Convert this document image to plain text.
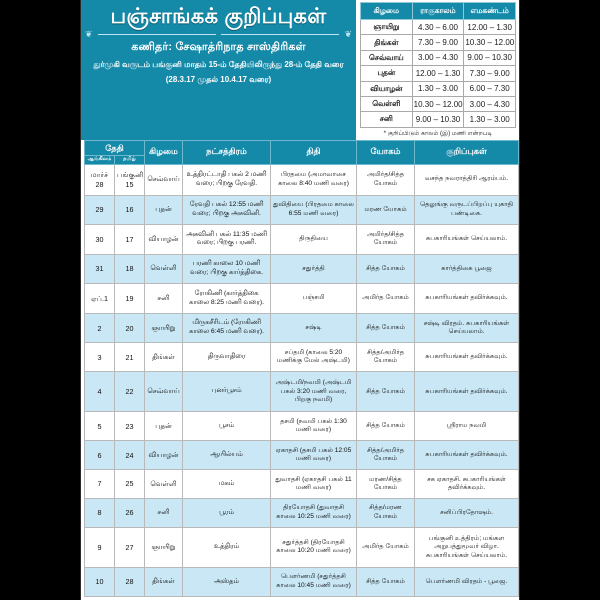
பஞ்சாங்கக் குறிப்புகள்
❦	❦
கணிதர்: சேஷாத்ரிநாத சாஸ்திரிகள்
துர்முகி வருடம் பங்குனி மாதம் 15-ம் தேதியிலிருந்து 28-ம் தேதி வரை
(28.3.17 முதல் 10.4.17 வரை)
கிழமை	ராகுகாலம்	எமகண்டம்
ஞாயிறு	4.30 – 6.00	12.00 – 1.30
திங்கள்	7.30 – 9.00	10.30 – 12.00
செவ்வாய்	3.00 – 4.30	9.00 – 10.30
புதன்	12.00 – 1.30	7.30 – 9.00
வியாழன்	1.30 – 3.00	6.00 – 7.30
வெள்ளி	10.30 – 12.00	3.00 – 4.30
சனி	9.00 – 10.30	1.30 – 3.00
* குறிப்பிடும் காலம் (இ) மணி என்றபடி
தேதி		கிழமை	நட்சத்திரம்	திதி	யோகம்	குறிப்புகள்
ஆங்கிலம்	தமிழ்					
மார்ச் 28	பங்குனி 15	செவ்வாய்	உத்திரட்டாதி பகல் 2 மணி வரை; பிறகு ரேவதி.	பிரதமை (அமாவாசை காலை 8:40 மணி வரை)	அமிர்த/சித்த யோகம்	வசந்த நவராத்திரி ஆரம்பம்.
29	16	புதன்	ரேவதி பகல் 12:55 மணி வரை; பிறகு அசுவினி.	துவிதியை (பிரதமை காலை 6:55 மணி வரை)	மரண யோகம்	தெலுங்கு வருடப்பிறப்பு யுகாதி பண்டிகை.
30	17	வியாழன்	அசுவினி பகல் 11:35 மணி வரை; பிறகு பரணி.	திருதியை	அமிர்த/சித்த யோகம்	சுபகாரியங்கள் செய்யலாம்.
31	18	வெள்ளி	பரணி காலை 10 மணி வரை; பிறகு கார்த்திகை.	சதுர்த்தி	சித்த யோகம்	கார்த்திகை பூஜை
ஏப்.1	19	சனி	ரோகிணி (கார்த்திகை காலை 8:25 மணி வரை).	பஞ்சமி	அமிர்த யோகம்	சுபகாரியங்கள் தவிர்க்கவும்.
2	20	ஞாயிறு	மிருகசீரிடம் (ரோகிணி காலை 6:45 மணி வரை).	சஷ்டி	சித்த யோகம்	சஷ்டி விரதம். சுபகாரியங்கள் செய்யலாம்.
3	21	திங்கள்	திருவாதிரை	சப்தமி (காலை 5:20 மணிக்கு மேல் அஷ்டமி)	சித்த/அமிர்த யோகம்	சுபகாரியங்கள் தவிர்க்கவும்.
4	22	செவ்வாய்	புனர்பூசம்	அஷ்டமி/நவமி (அஷ்டமி பகல் 3:20 மணி வரை, பிறகு நவமி)	சித்த யோகம்	சுபகாரியங்கள் தவிர்க்கவும்.
5	23	புதன்	பூசம்	தசமி (நவமி பகல் 1:30 மணி வரை)	சித்த யோகம்	ஸ்ரீராம நவமி
6	24	வியாழன்	ஆயில்யம்	ஏகாதசி (தசமி பகல் 12:05 மணி வரை)	சித்த/அமிர்த யோகம்	சுபகாரியங்கள் தவிர்க்கவும்.
7	25	வெள்ளி	மகம்	துவாதசி (ஏகாதசி பகல் 11 மணி வரை)	மரண/சித்த யோகம்	சக ஏகாதசி. சுபகாரியங்கள் தவிர்க்கவும்.
8	26	சனி	பூரம்	திரயோதசி (துவாதசி காலை 10:25 மணி வரை)	சித்த/மரண யோகம்	சனிப்பிரதோஷம்.
9	27	ஞாயிறு	உத்திரம்	சதுர்த்தசி (திரயோதசி காலை 10:20 மணி வரை)	அமிர்த யோகம்	பங்குனி உத்திரம்; மங்கள அறுபத்துமூவர் விழா. சுபகாரியங்கள் செய்யலாம்.
10	28	திங்கள்	அஸ்தம்	பௌர்ணமி (சதுர்த்தசி காலை 10:45 மணி வரை)	சித்த யோகம்	பௌர்ணமி விரதம் - பூஜை.
